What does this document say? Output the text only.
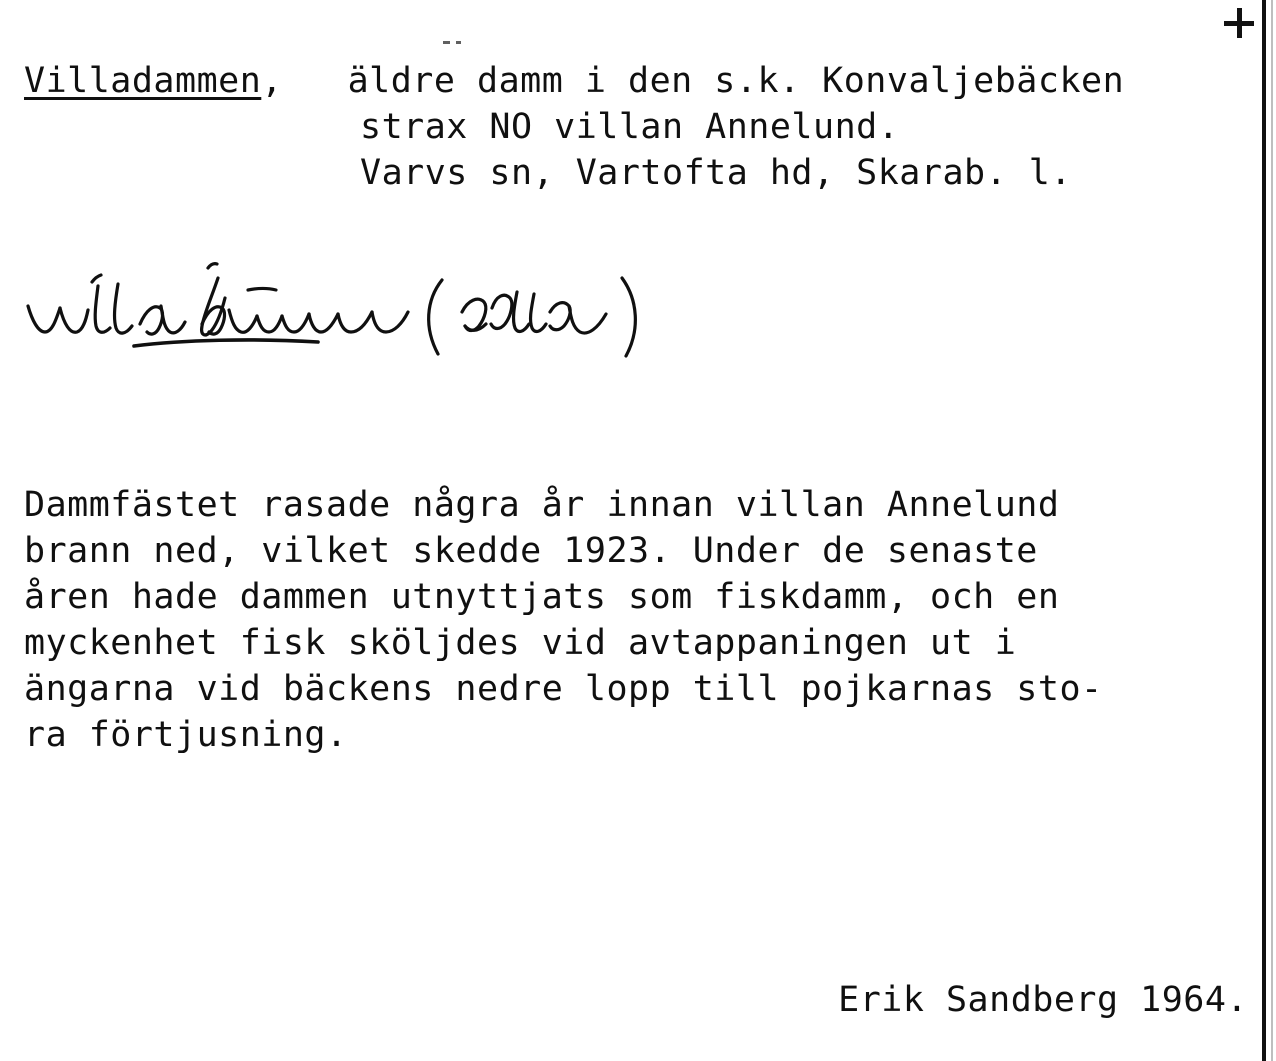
Villadammen,   äldre damm i den s.k. Konvaljebäcken
strax NO villan Annelund.
Varvs sn, Vartofta hd, Skarab. l.
Dammfästet rasade några år innan villan Annelund
brann ned, vilket skedde 1923. Under de senaste
åren hade dammen utnyttjats som fiskdamm, och en
myckenhet fisk sköljdes vid avtappaningen ut i
ängarna vid bäckens nedre lopp till pojkarnas sto-
ra förtjusning.
Erik Sandberg 1964.
